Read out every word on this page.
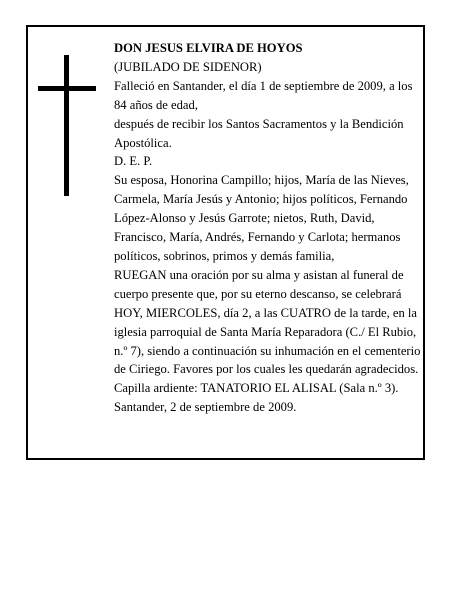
DON JESUS ELVIRA DE HOYOS

(JUBILADO DE SIDENOR)

Falleció en Santander, el día 1 de septiembre de 2009, a los 84 años de edad,

después de recibir los Santos Sacramentos y la Bendición Apostólica.

D. E. P.

Su esposa, Honorina Campillo; hijos, María de las Nieves, Carmela, María Jesús y Antonio; hijos políticos, Fernando López-Alonso y Jesús Garrote; nietos, Ruth, David, Francisco, María, Andrés, Fernando y Carlota; hermanos políticos, sobrinos, primos y demás familia,

RUEGAN una oración por su alma y asistan al funeral de cuerpo presente que, por su eterno descanso, se celebrará HOY, MIERCOLES, día 2, a las CUATRO de la tarde, en la iglesia parroquial de Santa María Reparadora (C./ El Rubio, n.º 7), siendo a continuación su inhumación en el cementerio de Ciriego. Favores por los cuales les quedarán agradecidos. Capilla ardiente: TANATORIO EL ALISAL (Sala n.º 3).

Santander, 2 de septiembre de 2009.
